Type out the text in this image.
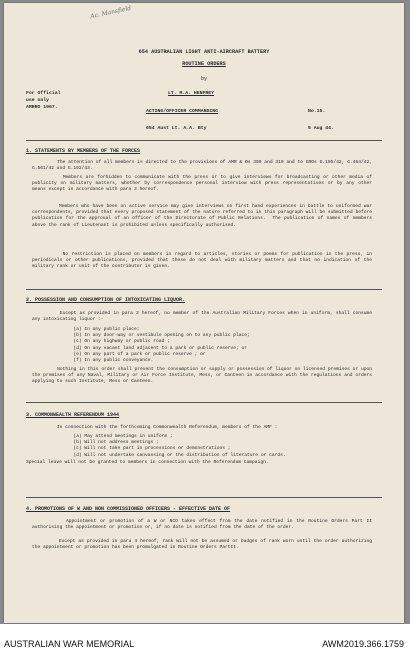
Ac. Mansfield
654 AUSTRALIAN LIGHT ANTI-AIRCRAFT BATTERY
ROUTINE ORDERS
by
For Official
use only
AMRRO 1967.
LT. M.A. HENFREY
ACTING/OFFICER COMMANDING	No.15.
654 Aust Lt. A.A. Bty	5 Aug 44.
1. STATEMENTS BY MEMBERS OF THE FORCES
The attention of all members is directed to the provisions of AMR & Os 309 and 310 and to GROs G.105/42, G.464/42, G.561/42 and G.192/43.
Members are forbidden to communicate with the press or to give interviews for broadcasting or other media of publicity on military matters, whether by correspondence personal interview with press representatives or by any other means except in accordance with para 3 hereof.
Members who have been on active service may give interviews on first hand experiences in battle to uniformed war correspondents, provided that every proposed statement of the nature referred to in this paragraph will be submitted before publication for the approval of an officer of the Directorate of Public Relations.  The publication of names of members above the rank of Lieutenant is prohibited unless specifically authorised.
No restriction is placed on members in regard to articles, stories or poems for publication in the press, in periodicals or other publications, provided that these do not deal with military matters and that no indication of the military rank or unit of the contributor is given.
2. POSSESSION AND CONSUMPTION OF INTOXICATING LIQUOR.
Except as provided in para 2 hereof, no member of the Australian Military Forces when in uniform, shall consume any intoxicating liquor :-
(a) In any public place;
(b) In any door-way or vestibule opening on to any public place;
(c) On any highway or public road ;
(d) On any vacant land adjacent to a park or public reserve; or
(e) On any part of a park or public reserve ; or
(f) In any public conveyance.
Nothing in this order shall prevent the consumption or supply or possession of liquor on licensed premises or upon the premises of any Naval, Military or Air Force Institute, Mess, or Canteen in accordance with the regulations and orders applying to such Institute, Mess or Canteen.
3. COMMONWEALTH REFERENDUM 1944
In connection with the forthcoming Commonwealth Referendum, members of the AMF :
(a) May attend meetings in uniform ;
(b) Will not address meetings ;
(c) Will not take part in processions or demonstrations ;
(d) Will not undertake canvassing or the distribution of literature or cards.
Special leave will not be granted to members in connection with the Referendum Campaign.
4. PROMOTIONS OF W AND NON COMMISSIONED OFFICERS - EFFECTIVE DATE OF
Appointment or promotion of a W or NCO takes effect from the date notified in the Routine Orders Part II authorising the appointment or promotion or, if no date is notified from the date of the order.
Except as provided in para 4 hereof, rank will not be assumed or badges of rank worn until the order authorizing the appointment or promotion has been promulgated in Routine Orders PartII.
AUSTRALIAN WAR MEMORIAL	AWM2019.366.1759
